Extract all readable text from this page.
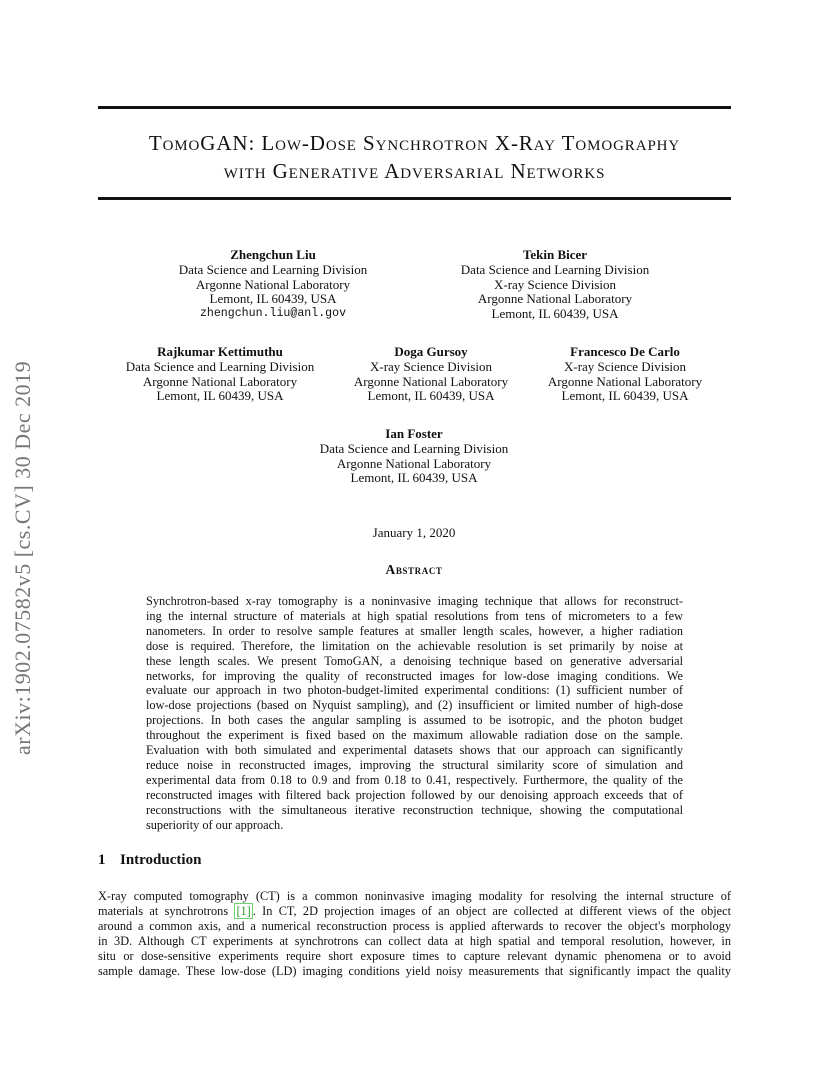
arXiv:1902.07582v5 [cs.CV] 30 Dec 2019
TomoGAN: Low-Dose Synchrotron X-Ray Tomography
with Generative Adversarial Networks
Zhengchun Liu
Data Science and Learning Division
Argonne National Laboratory
Lemont, IL 60439, USA
zhengchun.liu@anl.gov
Tekin Bicer
Data Science and Learning Division
X-ray Science Division
Argonne National Laboratory
Lemont, IL 60439, USA
Rajkumar Kettimuthu
Data Science and Learning Division
Argonne National Laboratory
Lemont, IL 60439, USA
Doga Gursoy
X-ray Science Division
Argonne National Laboratory
Lemont, IL 60439, USA
Francesco De Carlo
X-ray Science Division
Argonne National Laboratory
Lemont, IL 60439, USA
Ian Foster
Data Science and Learning Division
Argonne National Laboratory
Lemont, IL 60439, USA
January 1, 2020
Abstract
Synchrotron-based x-ray tomography is a noninvasive imaging technique that allows for reconstruct-
ing the internal structure of materials at high spatial resolutions from tens of micrometers to a few
nanometers. In order to resolve sample features at smaller length scales, however, a higher radiation
dose is required. Therefore, the limitation on the achievable resolution is set primarily by noise at
these length scales. We present TomoGAN, a denoising technique based on generative adversarial
networks, for improving the quality of reconstructed images for low-dose imaging conditions. We
evaluate our approach in two photon-budget-limited experimental conditions: (1) sufficient number of
low-dose projections (based on Nyquist sampling), and (2) insufficient or limited number of high-dose
projections. In both cases the angular sampling is assumed to be isotropic, and the photon budget
throughout the experiment is fixed based on the maximum allowable radiation dose on the sample.
Evaluation with both simulated and experimental datasets shows that our approach can significantly
reduce noise in reconstructed images, improving the structural similarity score of simulation and
experimental data from 0.18 to 0.9 and from 0.18 to 0.41, respectively. Furthermore, the quality of the
reconstructed images with filtered back projection followed by our denoising approach exceeds that of
reconstructions with the simultaneous iterative reconstruction technique, showing the computational
superiority of our approach.
1 Introduction
X-ray computed tomography (CT) is a common noninvasive imaging modality for resolving the internal structure of
materials at synchrotrons [1] . In CT, 2D projection images of an object are collected at different views of the object
around a common axis, and a numerical reconstruction process is applied afterwards to recover the object's morphology
in 3D. Although CT experiments at synchrotrons can collect data at high spatial and temporal resolution, however, in
situ or dose-sensitive experiments require short exposure times to capture relevant dynamic phenomena or to avoid
sample damage. These low-dose (LD) imaging conditions yield noisy measurements that significantly impact the quality
